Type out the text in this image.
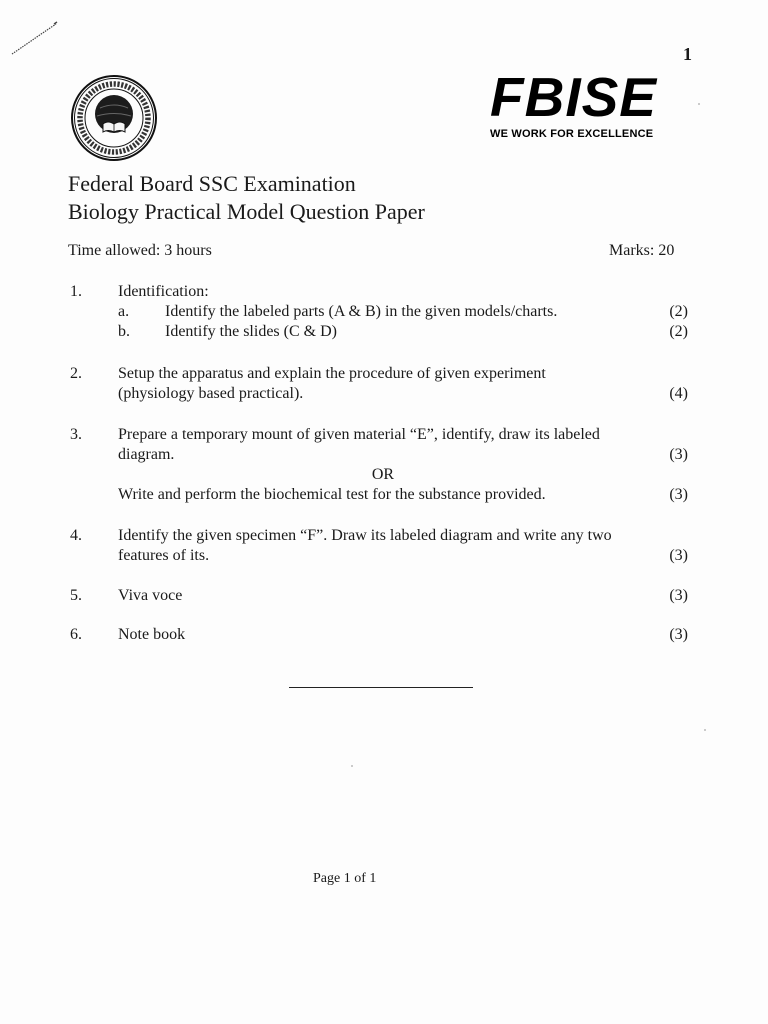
1
FBISE
WE WORK FOR EXCELLENCE
Federal Board SSC Examination
Biology Practical Model Question Paper
Time allowed: 3 hours	Marks: 20
1. Identification:
a. Identify the labeled parts (A & B) in the given models/charts.	(2)
b. Identify the slides (C & D)	(2)
2. Setup the apparatus and explain the procedure of given experiment
(physiology based practical).	(4)
3. Prepare a temporary mount of given material “E”, identify, draw its labeled
diagram.	(3)
OR
Write and perform the biochemical test for the substance provided.	(3)
4. Identify the given specimen “F”. Draw its labeled diagram and write any two
features of its.	(3)
5. Viva voce	(3)
6. Note book	(3)
Page 1 of 1
